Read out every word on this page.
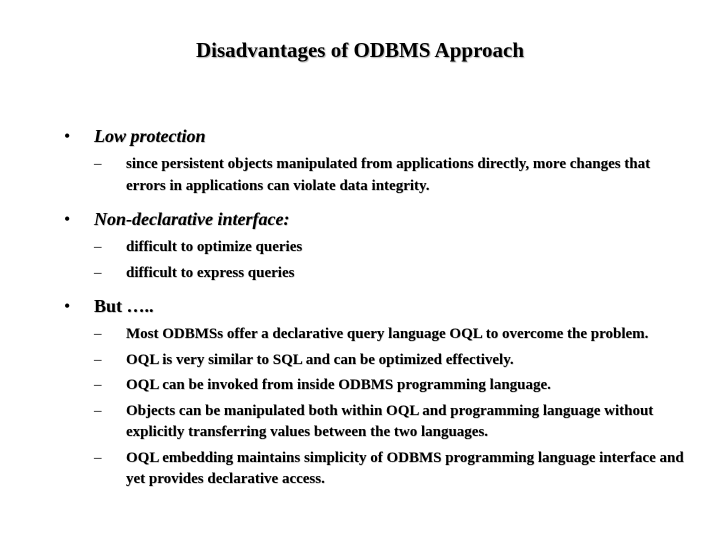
Disadvantages of ODBMS Approach
• Low protection
– since persistent objects manipulated from applications directly, more changes that errors in applications can violate data integrity.
• Non-declarative interface:
– difficult to optimize queries
– difficult to express queries
• But …..
– Most ODBMSs offer a declarative query language OQL to overcome the problem.
– OQL is very similar to SQL and can be optimized effectively.
– OQL can be invoked from inside ODBMS programming language.
– Objects can be manipulated both within OQL and programming language without explicitly transferring values between the two languages.
– OQL embedding maintains simplicity of ODBMS programming language interface and yet provides declarative access.
